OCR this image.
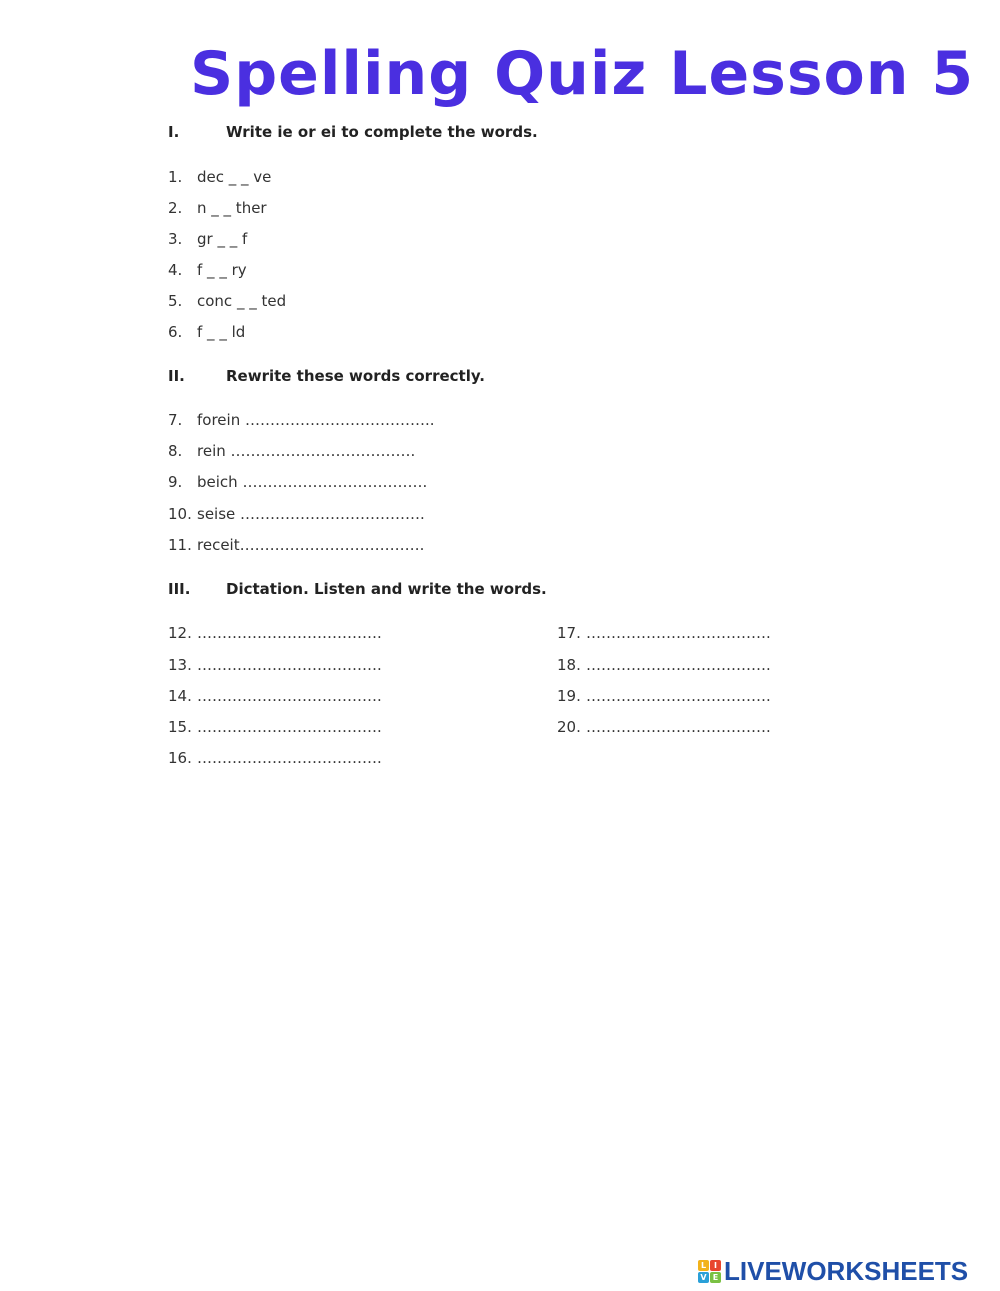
Spelling Quiz Lesson 5
I.	Write ie or ei to complete the words.
1. dec _ _ ve
2. n _ _ ther
3. gr _ _ f
4. f _ _ ry
5. conc _ _ ted
6. f _ _ ld
II.	Rewrite these words correctly.
7. forein ………………………………..
8. rein ……………………………….
9. beich ……………………………….
10. seise ……………………………….
11. receit……………………………….
III. Dictation. Listen and write the words.
12. ……………………………….
13. ……………………………….
14. ……………………………….
15. ……………………………….
16. ……………………………….
17. ……………………………….
18. ……………………………….
19. ……………………………….
20. ……………………………….
L I
V E LIVEWORKSHEETS
